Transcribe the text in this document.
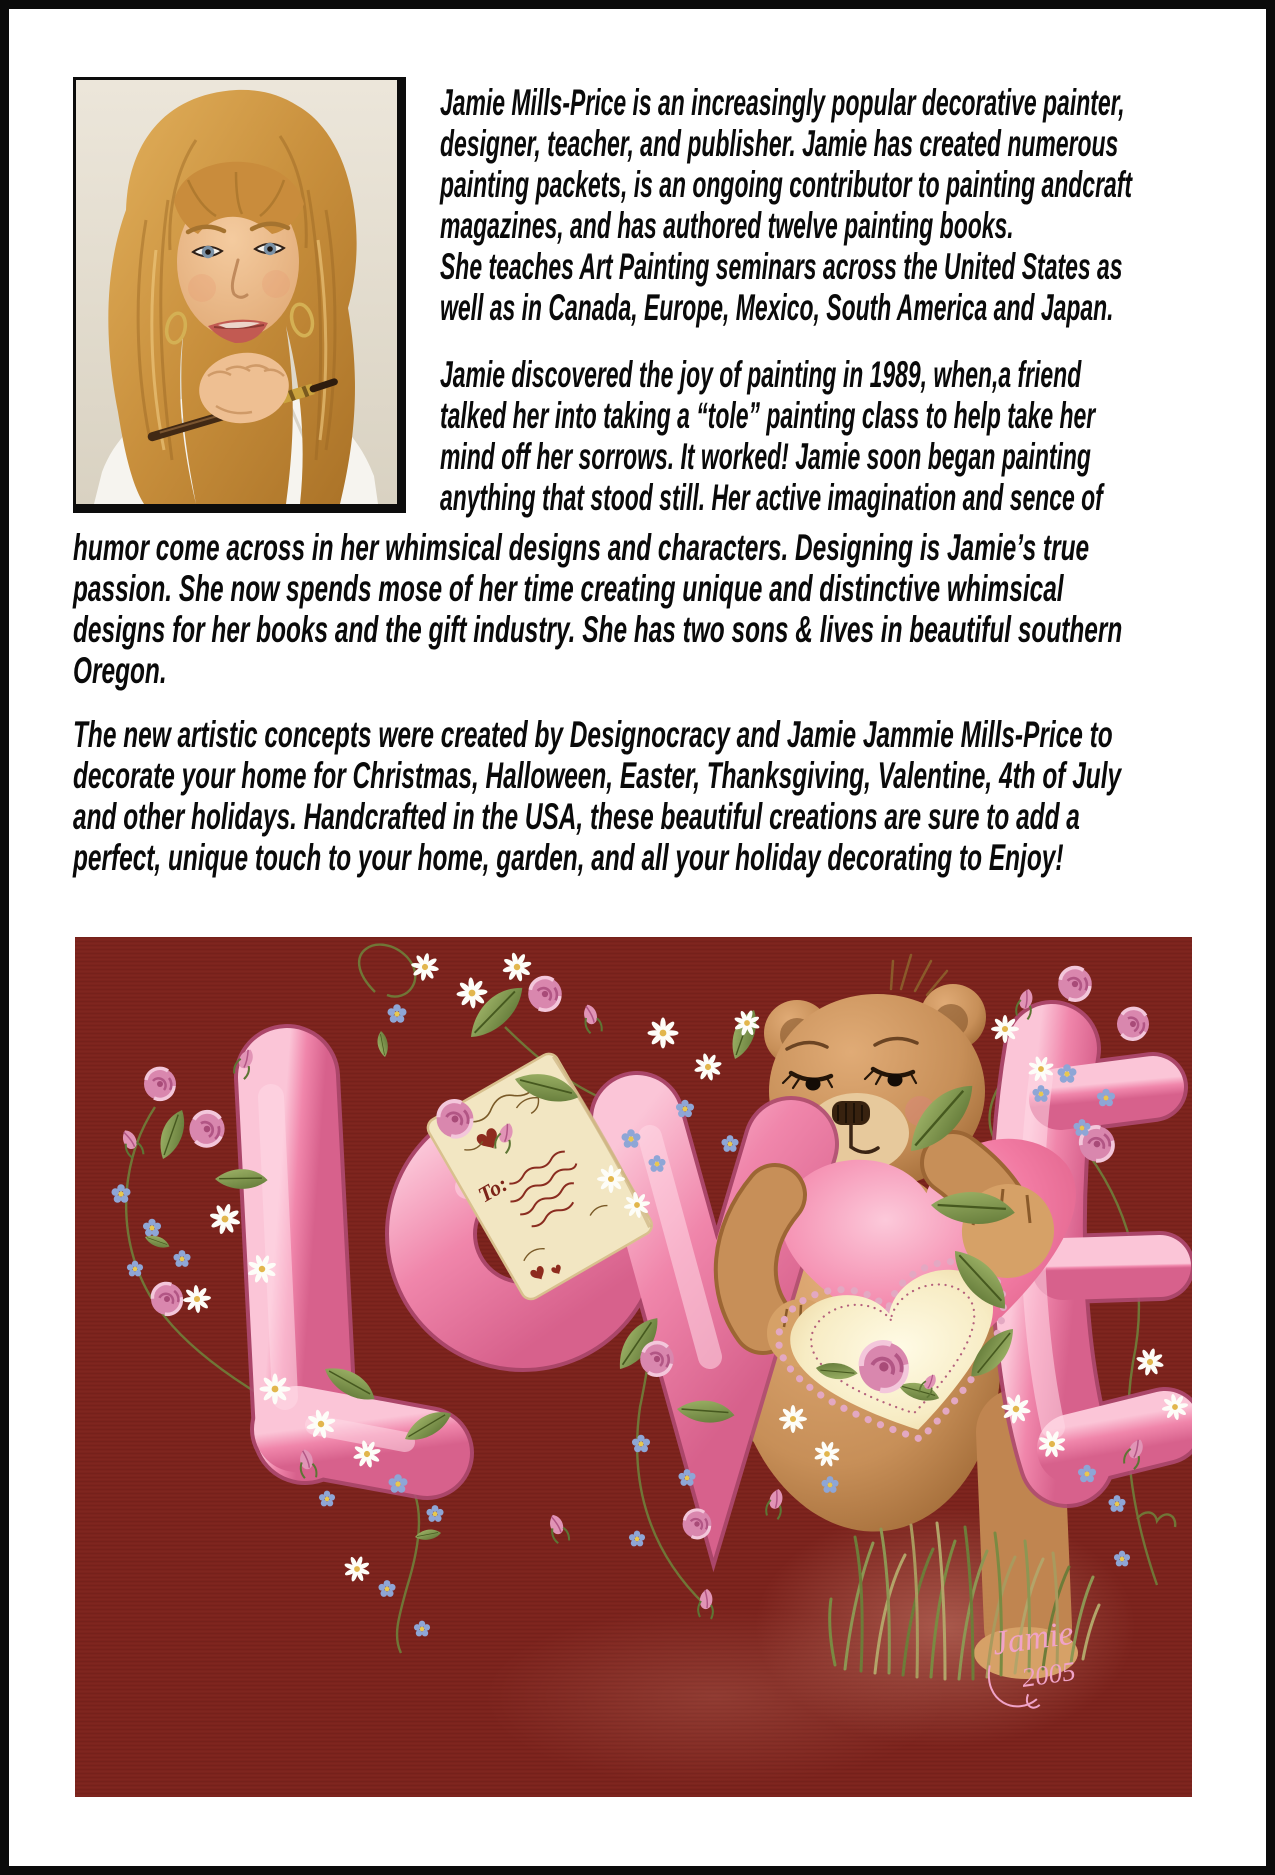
Jamie Mills-Price is an increasingly popular decorative painter,
designer, teacher, and publisher. Jamie has created numerous
painting packets, is an ongoing contributor to painting andcraft
magazines, and has authored twelve painting books.
She teaches Art Painting seminars across the United States as
well as in Canada, Europe, Mexico, South America and Japan.
Jamie discovered the joy of painting in 1989, when,a friend
talked her into taking a “tole” painting class to help take her
mind off her sorrows. It worked! Jamie soon began painting
anything that stood still. Her active imagination and sence of
humor come across in her whimsical designs and characters. Designing is Jamie’s true
passion. She now spends mose of her time creating unique and distinctive whimsical
designs for her books and the gift industry. She has two sons & lives in beautiful southern
Oregon.
The new artistic concepts were created by Designocracy and Jamie Jammie Mills-Price to
decorate your home for Christmas, Halloween, Easter, Thanksgiving, Valentine, 4th of July
and other holidays. Handcrafted in the USA, these beautiful creations are sure to add a
perfect, unique touch to your home, garden, and all your holiday decorating to Enjoy!
To:
Jamie
2005
